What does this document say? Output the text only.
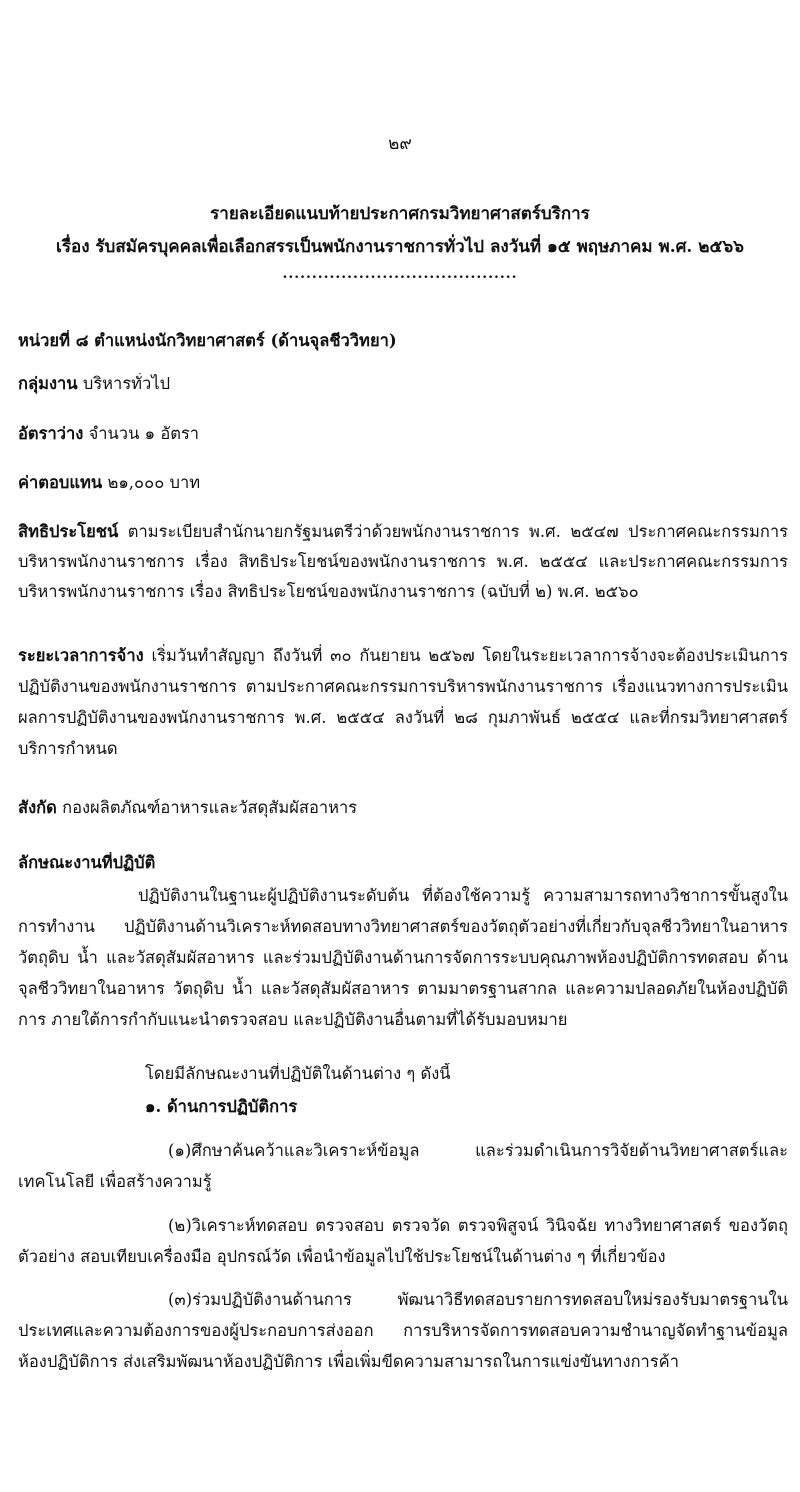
๒๙
รายละเอียดแนบท้ายประกาศกรมวิทยาศาสตร์บริการ
เรื่อง รับสมัครบุคคลเพื่อเลือกสรรเป็นพนักงานราชการทั่วไป ลงวันที่ ๑๕ พฤษภาคม พ.ศ. ๒๕๖๖
........................................
หน่วยที่ ๘ ตำแหน่งนักวิทยาศาสตร์ (ด้านจุลชีววิทยา)
กลุ่มงาน บริหารทั่วไป
อัตราว่าง จำนวน ๑ อัตรา
ค่าตอบแทน ๒๑,๐๐๐ บาท
สิทธิประโยชน์ ตามระเบียบสำนักนายกรัฐมนตรีว่าด้วยพนักงานราชการ พ.ศ. ๒๕๔๗ ประกาศคณะกรรมการบริหารพนักงานราชการ เรื่อง สิทธิประโยชน์ของพนักงานราชการ พ.ศ. ๒๕๕๔ และประกาศคณะกรรมการบริหารพนักงานราชการ เรื่อง สิทธิประโยชน์ของพนักงานราชการ (ฉบับที่ ๒) พ.ศ. ๒๕๖๐
ระยะเวลาการจ้าง เริ่มวันทำสัญญา ถึงวันที่ ๓๐ กันยายน ๒๕๖๗ โดยในระยะเวลาการจ้างจะต้องประเมินการปฏิบัติงานของพนักงานราชการ ตามประกาศคณะกรรมการบริหารพนักงานราชการ เรื่องแนวทางการประเมินผลการปฏิบัติงานของพนักงานราชการ พ.ศ. ๒๕๕๔ ลงวันที่ ๒๘ กุมภาพันธ์ ๒๕๕๔ และที่กรมวิทยาศาสตร์บริการกำหนด
สังกัด กองผลิตภัณฑ์อาหารและวัสดุสัมผัสอาหาร
ลักษณะงานที่ปฏิบัติ
ปฏิบัติงานในฐานะผู้ปฏิบัติงานระดับต้น ที่ต้องใช้ความรู้ ความสามารถทางวิชาการขั้นสูงในการทำงาน ปฏิบัติงานด้านวิเคราะห์ทดสอบทางวิทยาศาสตร์ของวัตถุตัวอย่างที่เกี่ยวกับจุลชีววิทยาในอาหาร วัตถุดิบ น้ำ และวัสดุสัมผัสอาหาร และร่วมปฏิบัติงานด้านการจัดการระบบคุณภาพห้องปฏิบัติการทดสอบ ด้านจุลชีววิทยาในอาหาร วัตถุดิบ น้ำ และวัสดุสัมผัสอาหาร ตามมาตรฐานสากล และความปลอดภัยในห้องปฏิบัติการ ภายใต้การกำกับแนะนำตรวจสอบ และปฏิบัติงานอื่นตามที่ได้รับมอบหมาย
โดยมีลักษณะงานที่ปฏิบัติในด้านต่าง ๆ ดังนี้
๑. ด้านการปฏิบัติการ
(๑)ศึกษาค้นคว้าและวิเคราะห์ข้อมูล และร่วมดำเนินการวิจัยด้านวิทยาศาสตร์และเทคโนโลยี เพื่อสร้างความรู้
(๒)วิเคราะห์ทดสอบ ตรวจสอบ ตรวจวัด ตรวจพิสูจน์ วินิจฉัย ทางวิทยาศาสตร์ ของวัตถุตัวอย่าง สอบเทียบเครื่องมือ อุปกรณ์วัด เพื่อนำข้อมูลไปใช้ประโยชน์ในด้านต่าง ๆ ที่เกี่ยวข้อง
(๓)ร่วมปฏิบัติงานด้านการ พัฒนาวิธีทดสอบรายการทดสอบใหม่รองรับมาตรฐานในประเทศและความต้องการของผู้ประกอบการส่งออก การบริหารจัดการทดสอบความชำนาญจัดทำฐานข้อมูลห้องปฏิบัติการ ส่งเสริมพัฒนาห้องปฏิบัติการ เพื่อเพิ่มขีดความสามารถในการแข่งขันทางการค้า
